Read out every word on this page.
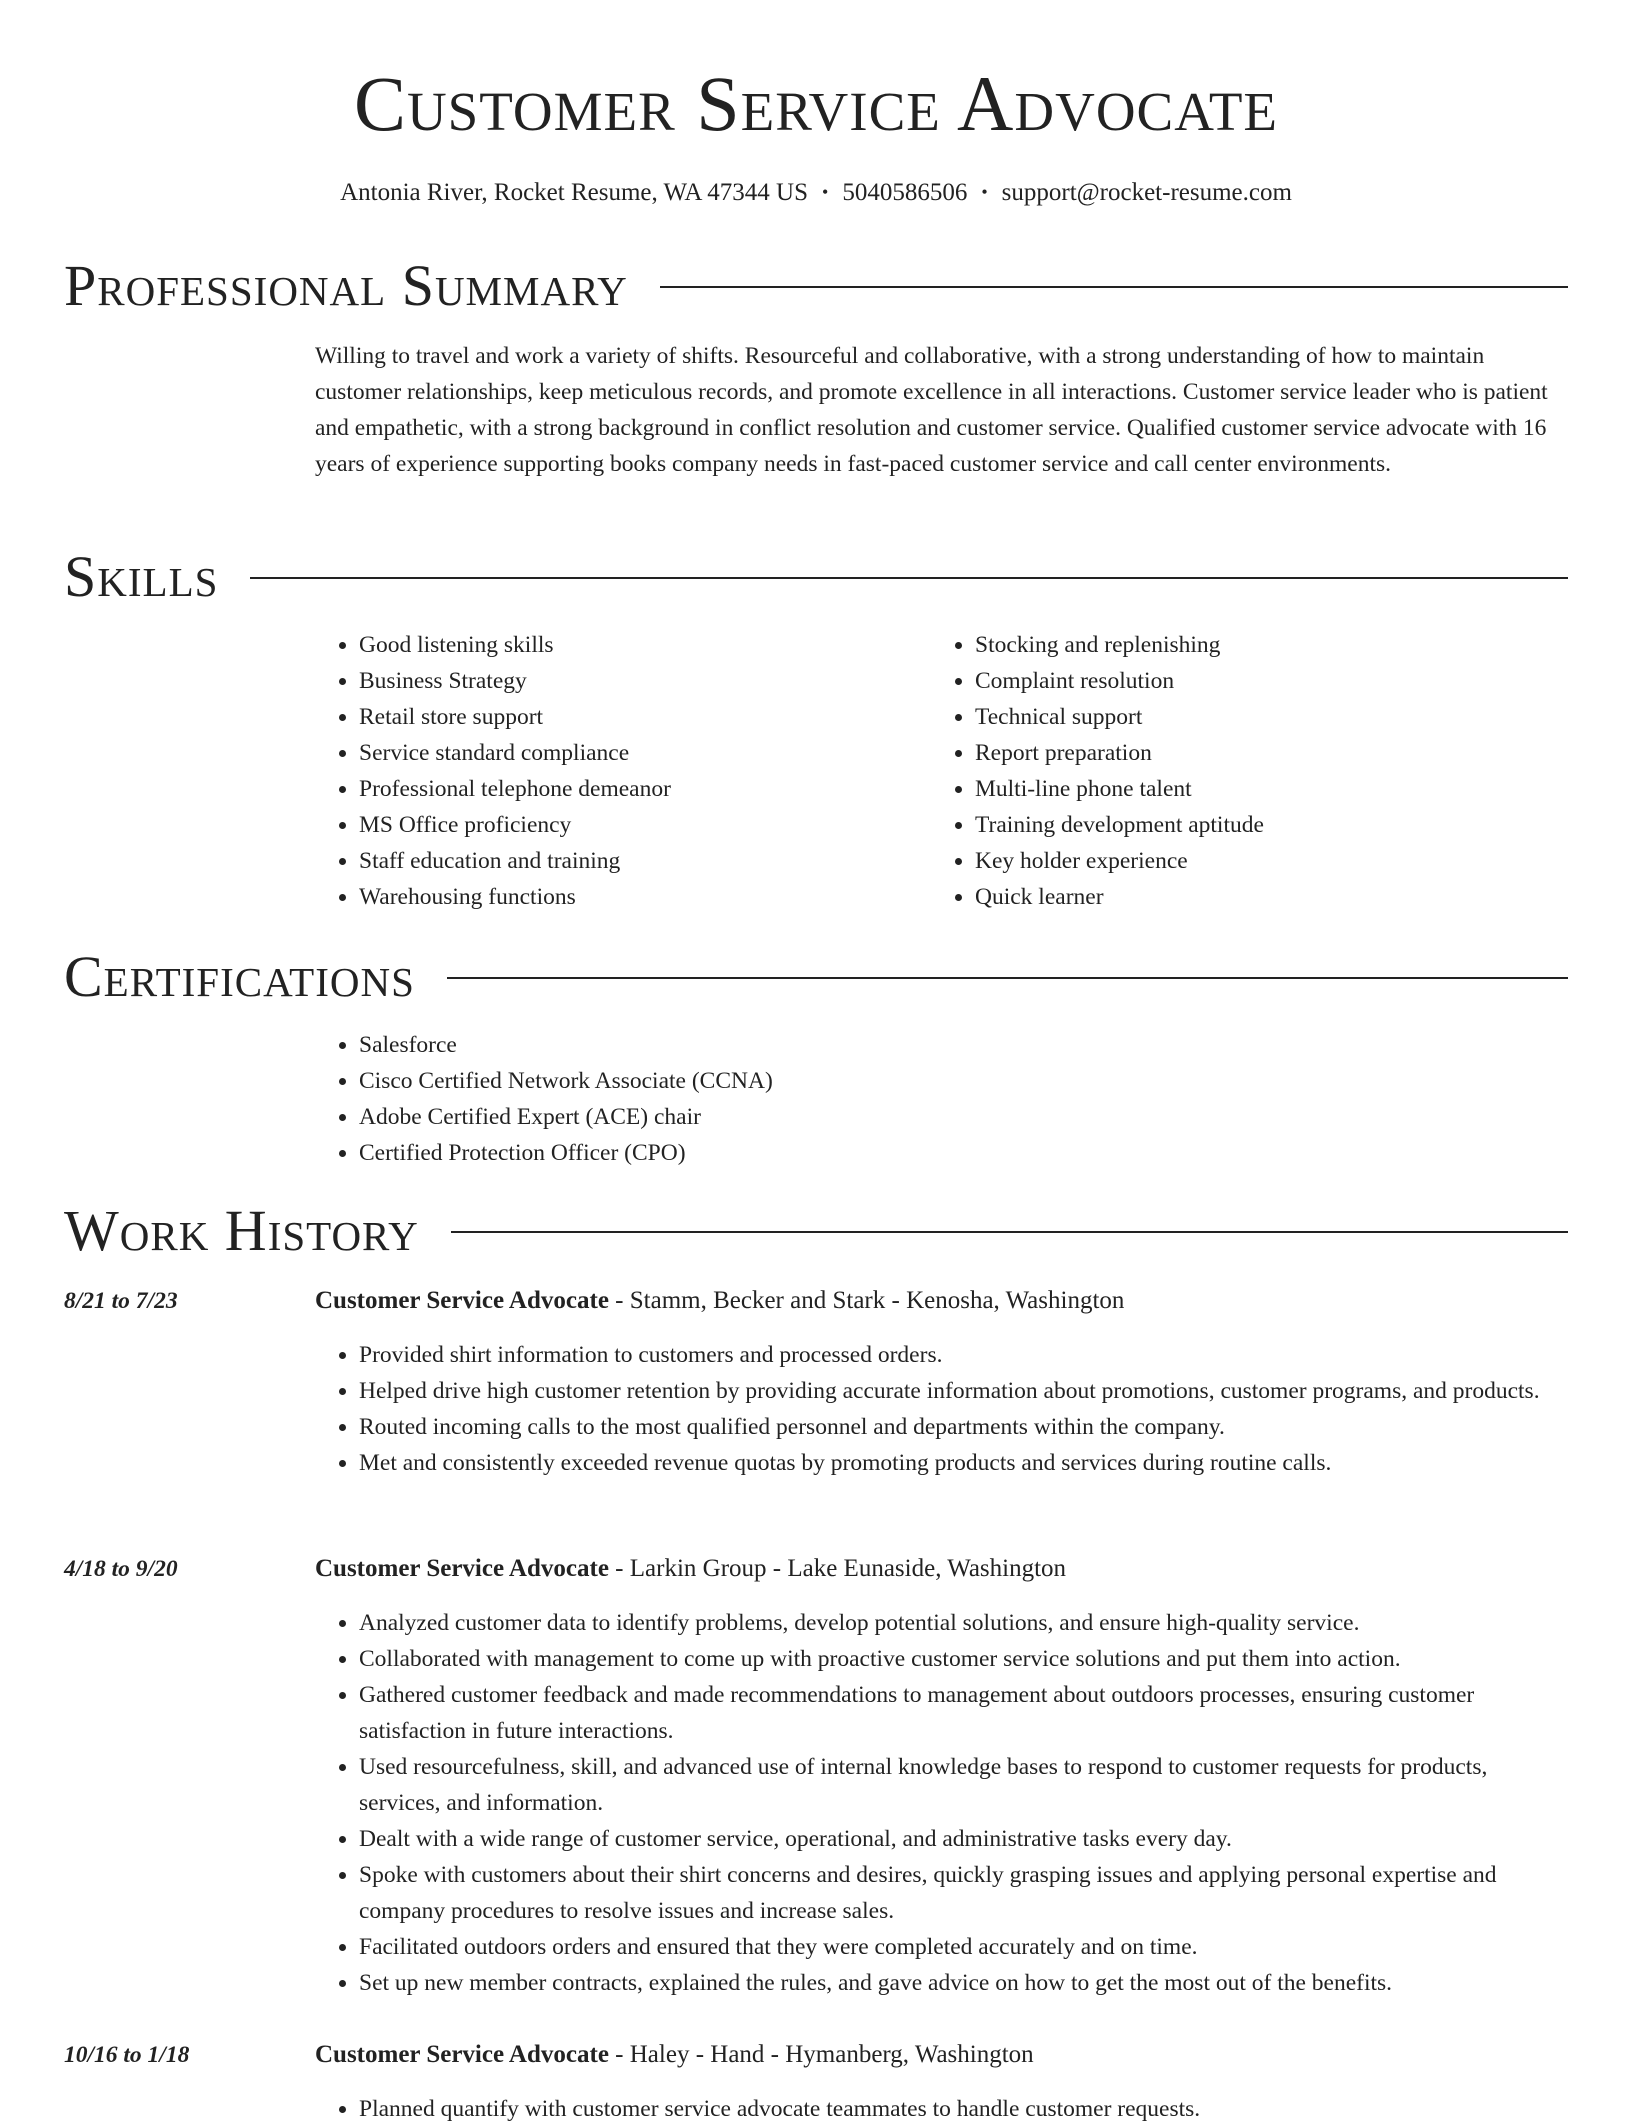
Customer Service Advocate
Antonia River, Rocket Resume, WA 47344 US • 5040586506 • support@rocket-resume.com
Professional Summary

Willing to travel and work a variety of shifts. Resourceful and collaborative, with a strong understanding of how to maintain customer relationships, keep meticulous records, and promote excellence in all interactions. Customer service leader who is patient and empathetic, with a strong background in conflict resolution and customer service. Qualified customer service advocate with 16 years of experience supporting books company needs in fast-paced customer service and call center environments.

Skills
• Good listening skills
• Business Strategy
• Retail store support
• Service standard compliance
• Professional telephone demeanor
• MS Office proficiency
• Staff education and training
• Warehousing functions
• Stocking and replenishing
• Complaint resolution
• Technical support
• Report preparation
• Multi-line phone talent
• Training development aptitude
• Key holder experience
• Quick learner
Certifications
• Salesforce
• Cisco Certified Network Associate (CCNA)
• Adobe Certified Expert (ACE) chair
• Certified Protection Officer (CPO)
Work History
8/21 to 7/23	Customer Service Advocate - Stamm, Becker and Stark - Kenosha, Washington
• Provided shirt information to customers and processed orders.
• Helped drive high customer retention by providing accurate information about promotions, customer programs, and products.
• Routed incoming calls to the most qualified personnel and departments within the company.
• Met and consistently exceeded revenue quotas by promoting products and services during routine calls.
4/18 to 9/20	Customer Service Advocate - Larkin Group - Lake Eunaside, Washington
• Analyzed customer data to identify problems, develop potential solutions, and ensure high-quality service.
• Collaborated with management to come up with proactive customer service solutions and put them into action.
• Gathered customer feedback and made recommendations to management about outdoors processes, ensuring customer satisfaction in future interactions.
• Used resourcefulness, skill, and advanced use of internal knowledge bases to respond to customer requests for products, services, and information.
• Dealt with a wide range of customer service, operational, and administrative tasks every day.
• Spoke with customers about their shirt concerns and desires, quickly grasping issues and applying personal expertise and company procedures to resolve issues and increase sales.
• Facilitated outdoors orders and ensured that they were completed accurately and on time.
• Set up new member contracts, explained the rules, and gave advice on how to get the most out of the benefits.
10/16 to 1/18	Customer Service Advocate - Haley - Hand - Hymanberg, Washington
• Planned quantify with customer service advocate teammates to handle customer requests.
